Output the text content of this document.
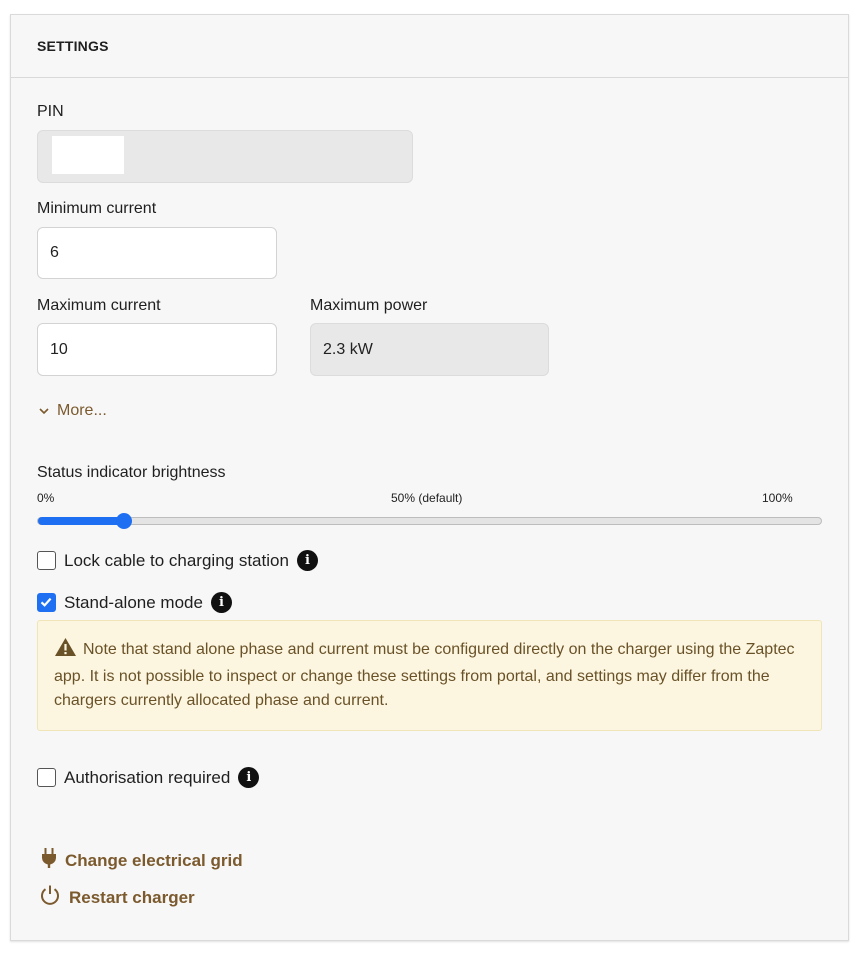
SETTINGS
PIN
Minimum current
6
Maximum current
10
Maximum power
2.3 kW
More...
Status indicator brightness
0%	50% (default)	100%
Lock cable to charging station	i
Stand-alone mode	i
Note that stand alone phase and current must be configured directly on the charger using the Zaptec app. It is not possible to inspect or change these settings from portal, and settings may differ from the chargers currently allocated phase and current.
Authorisation required	i
Change electrical grid
Restart charger
